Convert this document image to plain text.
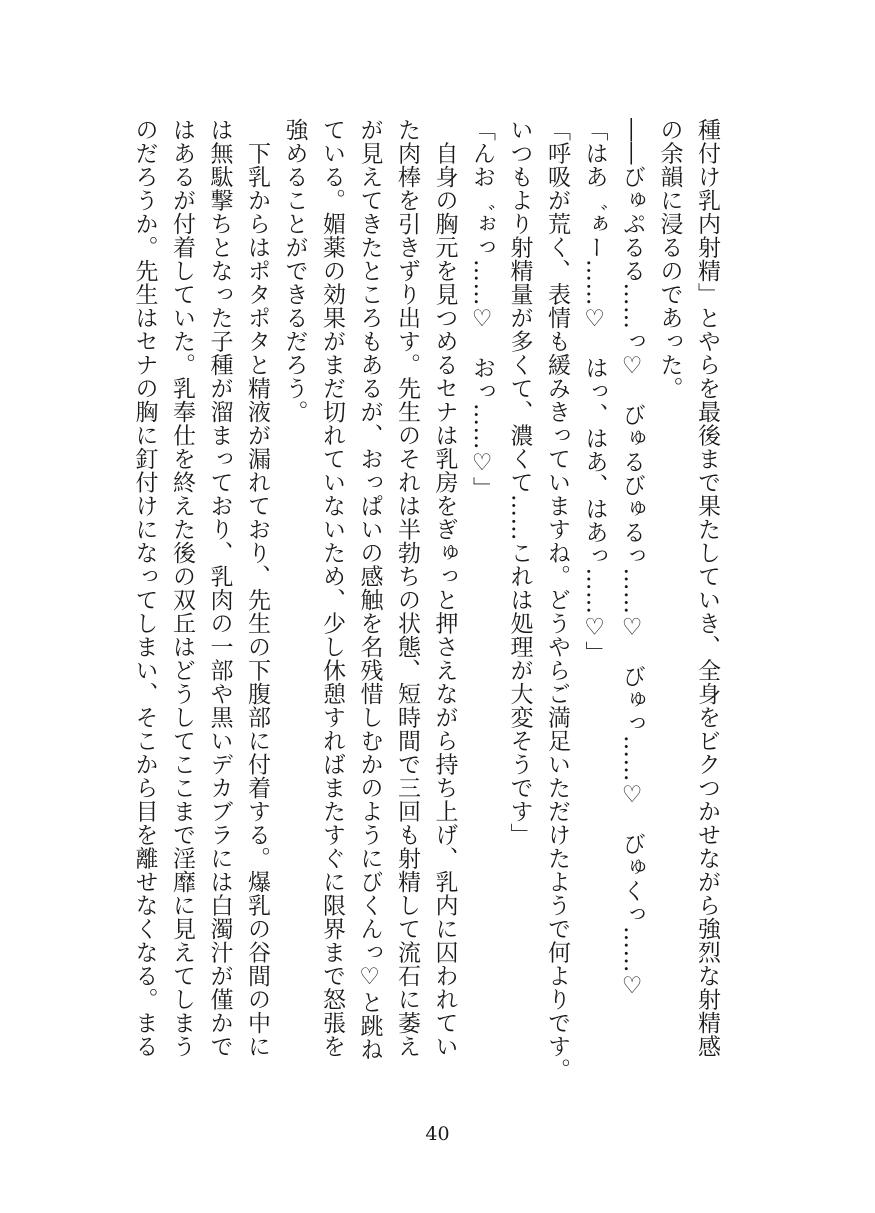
種付け乳内射精」とやらを最後まで果たしていき、全身をビクつかせながら強烈な射精感
の余韻に浸るのであった。
――びゅぷるる……っ♡　びゅるびゅるっ……♡　びゅっ……♡　びゅくっ……♡
「はあ゛ぁー……♡　はっ、はあ、はあっ……♡」
「呼吸が荒く、表情も緩みきっていますね。どうやらご満足いただけたようで何よりです。
いつもより射精量が多くて、濃くて……これは処理が大変そうです」
「んお゛ぉっ……♡　おっ……♡」
　自身の胸元を見つめるセナは乳房をぎゅっと押さえながら持ち上げ、乳内に囚われてい
た肉棒を引きずり出す。先生のそれは半勃ちの状態、短時間で三回も射精して流石に萎え
が見えてきたところもあるが、おっぱいの感触を名残惜しむかのようにびくんっ♡と跳ね
ている。媚薬の効果がまだ切れていないため、少し休憩すればまたすぐに限界まで怒張を
強めることができるだろう。
　下乳からはポタポタと精液が漏れており、先生の下腹部に付着する。爆乳の谷間の中に
は無駄撃ちとなった子種が溜まっており、乳肉の一部や黒いデカブラには白濁汁が僅かで
はあるが付着していた。乳奉仕を終えた後の双丘はどうしてここまで淫靡に見えてしまう
のだろうか。先生はセナの胸に釘付けになってしまい、そこから目を離せなくなる。まる
40
